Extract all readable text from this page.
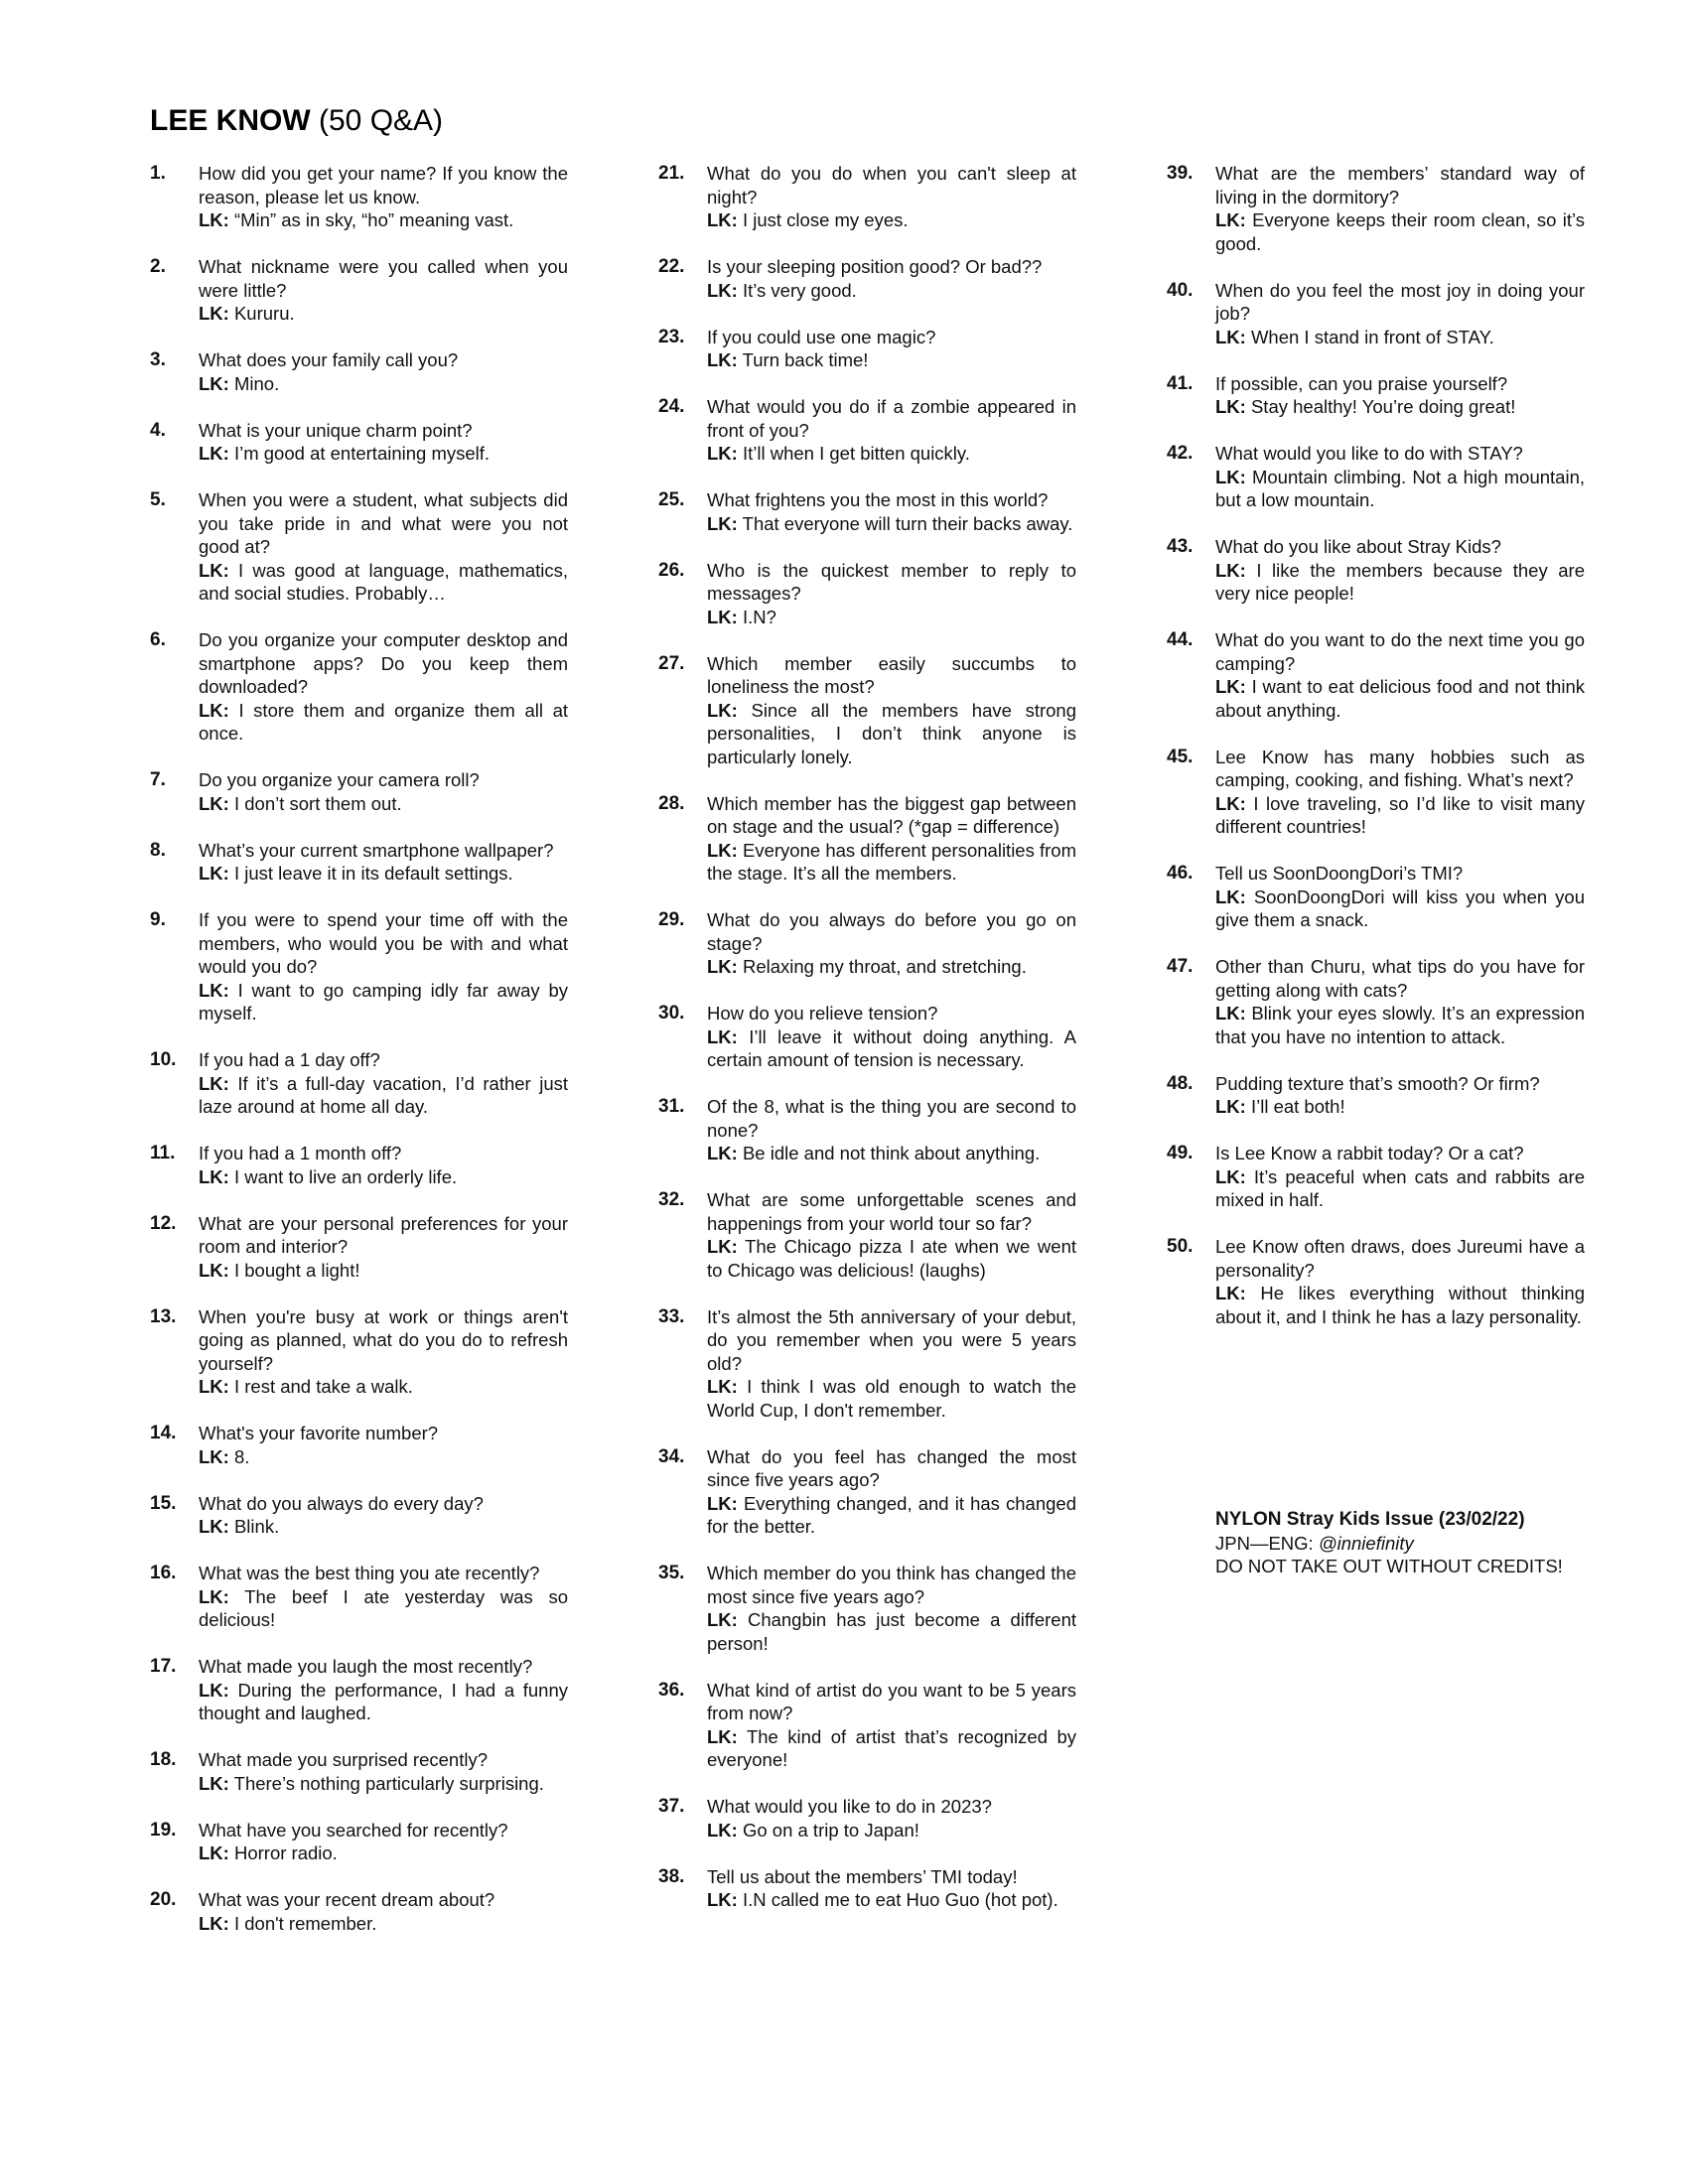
LEE KNOW (50 Q&A)
1.	How did you get your name? If you know the reason, please let us know.
LK: “Min” as in sky, “ho” meaning vast.
2.	What nickname were you called when you were little?
LK: Kururu.
3.	What does your family call you?
LK: Mino.
4.	What is your unique charm point?
LK: I’m good at entertaining myself.
5.	When you were a student, what subjects did you take pride in and what were you not good at?
LK: I was good at language, mathematics, and social studies. Probably…
6.	Do you organize your computer desktop and smartphone apps? Do you keep them downloaded?
LK: I store them and organize them all at once.
7.	Do you organize your camera roll?
LK: I don’t sort them out.
8.	What’s your current smartphone wallpaper?
LK: I just leave it in its default settings.
9.	If you were to spend your time off with the members, who would you be with and what would you do?
LK: I want to go camping idly far away by myself.
10.	If you had a 1 day off?
LK: If it’s a full-day vacation, I’d rather just laze around at home all day.
11.	If you had a 1 month off?
LK: I want to live an orderly life.
12.	What are your personal preferences for your room and interior?
LK: I bought a light!
13.	When you're busy at work or things aren't going as planned, what do you do to refresh yourself?
LK: I rest and take a walk.
14.	What's your favorite number?
LK: 8.
15.	What do you always do every day?
LK: Blink.
16.	What was the best thing you ate recently?
LK: The beef I ate yesterday was so delicious!
17.	What made you laugh the most recently?
LK: During the performance, I had a funny thought and laughed.
18.	What made you surprised recently?
LK: There’s nothing particularly surprising.
19.	What have you searched for recently?
LK: Horror radio.
20.	What was your recent dream about?
LK: I don't remember.
21.	What do you do when you can't sleep at night?
LK: I just close my eyes.
22.	Is your sleeping position good? Or bad??
LK: It’s very good.
23.	If you could use one magic?
LK: Turn back time!
24.	What would you do if a zombie appeared in front of you?
LK: It’ll when I get bitten quickly.
25.	What frightens you the most in this world?
LK: That everyone will turn their backs away.
26.	Who is the quickest member to reply to messages?
LK: I.N?
27.	Which member easily succumbs to loneliness the most?
LK: Since all the members have strong personalities, I don’t think anyone is particularly lonely.
28.	Which member has the biggest gap between on stage and the usual? (*gap = difference)
LK: Everyone has different personalities from the stage. It’s all the members.
29.	What do you always do before you go on stage?
LK: Relaxing my throat, and stretching.
30.	How do you relieve tension?
LK: I’ll leave it without doing anything. A certain amount of tension is necessary.
31.	Of the 8, what is the thing you are second to none?
LK: Be idle and not think about anything.
32.	What are some unforgettable scenes and happenings from your world tour so far?
LK: The Chicago pizza I ate when we went to Chicago was delicious! (laughs)
33.	It’s almost the 5th anniversary of your debut, do you remember when you were 5 years old?
LK: I think I was old enough to watch the World Cup, I don't remember.
34.	What do you feel has changed the most since five years ago?
LK: Everything changed, and it has changed for the better.
35.	Which member do you think has changed the most since five years ago?
LK: Changbin has just become a different person!
36.	What kind of artist do you want to be 5 years from now?
LK: The kind of artist that’s recognized by everyone!
37.	What would you like to do in 2023?
LK: Go on a trip to Japan!
38.	Tell us about the members’ TMI today!
LK: I.N called me to eat Huo Guo (hot pot).
39.	What are the members’ standard way of living in the dormitory?
LK: Everyone keeps their room clean, so it’s good.
40.	When do you feel the most joy in doing your job?
LK: When I stand in front of STAY.
41.	If possible, can you praise yourself?
LK: Stay healthy! You’re doing great!
42.	What would you like to do with STAY?
LK: Mountain climbing. Not a high mountain, but a low mountain.
43.	What do you like about Stray Kids?
LK: I like the members because they are very nice people!
44.	What do you want to do the next time you go camping?
LK: I want to eat delicious food and not think about anything.
45.	Lee Know has many hobbies such as camping, cooking, and fishing. What’s next?
LK: I love traveling, so I’d like to visit many different countries!
46.	Tell us SoonDoongDori’s TMI?
LK: SoonDoongDori will kiss you when you give them a snack.
47.	Other than Churu, what tips do you have for getting along with cats?
LK: Blink your eyes slowly. It’s an expression that you have no intention to attack.
48.	Pudding texture that’s smooth? Or firm?
LK: I’ll eat both!
49.	Is Lee Know a rabbit today? Or a cat?
LK: It’s peaceful when cats and rabbits are mixed in half.
50.	Lee Know often draws, does Jureumi have a personality?
LK: He likes everything without thinking about it, and I think he has a lazy personality.
NYLON Stray Kids Issue (23/02/22)
JPN—ENG: @inniefinity
DO NOT TAKE OUT WITHOUT CREDITS!
